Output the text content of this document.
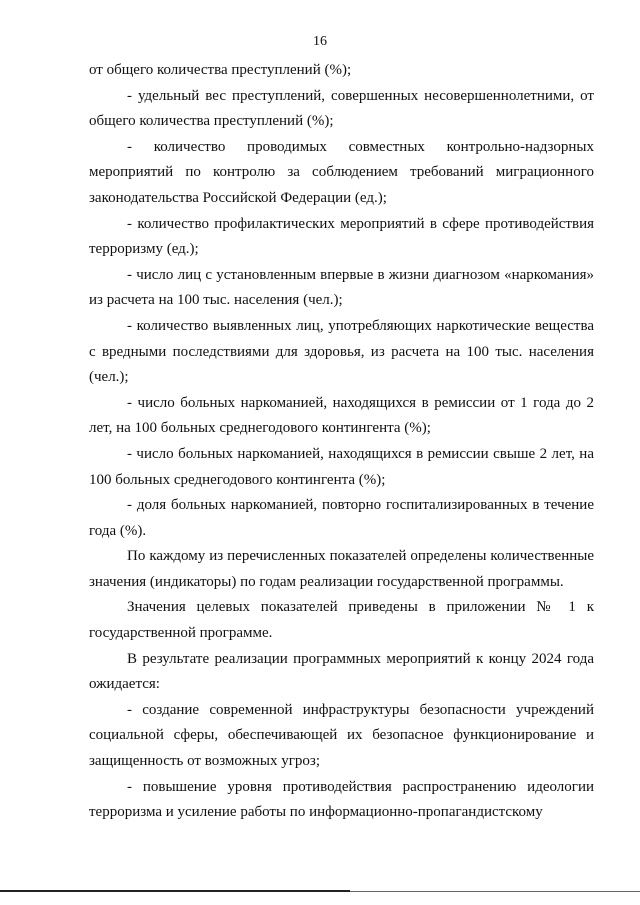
16

от общего количества преступлений (%);

- удельный вес преступлений, совершенных несовершеннолетними, от общего количества преступлений (%);

- количество проводимых совместных контрольно-надзорных мероприятий по контролю за соблюдением требований миграционного законодательства Российской Федерации (ед.);

- количество профилактических мероприятий в сфере противодействия терроризму (ед.);

- число лиц с установленным впервые в жизни диагнозом «наркомания» из расчета на 100 тыс. населения (чел.);

- количество выявленных лиц, употребляющих наркотические вещества с вредными последствиями для здоровья, из расчета на 100 тыс. населения (чел.);

- число больных наркоманией, находящихся в ремиссии от 1 года до 2 лет, на 100 больных среднегодового контингента (%);

- число больных наркоманией, находящихся в ремиссии свыше 2 лет, на 100 больных среднегодового контингента (%);

- доля больных наркоманией, повторно госпитализированных в течение года (%).

По каждому из перечисленных показателей определены количественные значения (индикаторы) по годам реализации государственной программы.

Значения целевых показателей приведены в приложении № 1 к государственной программе.

В результате реализации программных мероприятий к концу 2024 года ожидается:

- создание современной инфраструктуры безопасности учреждений социальной сферы, обеспечивающей их безопасное функционирование и защищенность от возможных угроз;

- повышение уровня противодействия распространению идеологии терроризма и усиление работы по информационно-пропагандистскому
